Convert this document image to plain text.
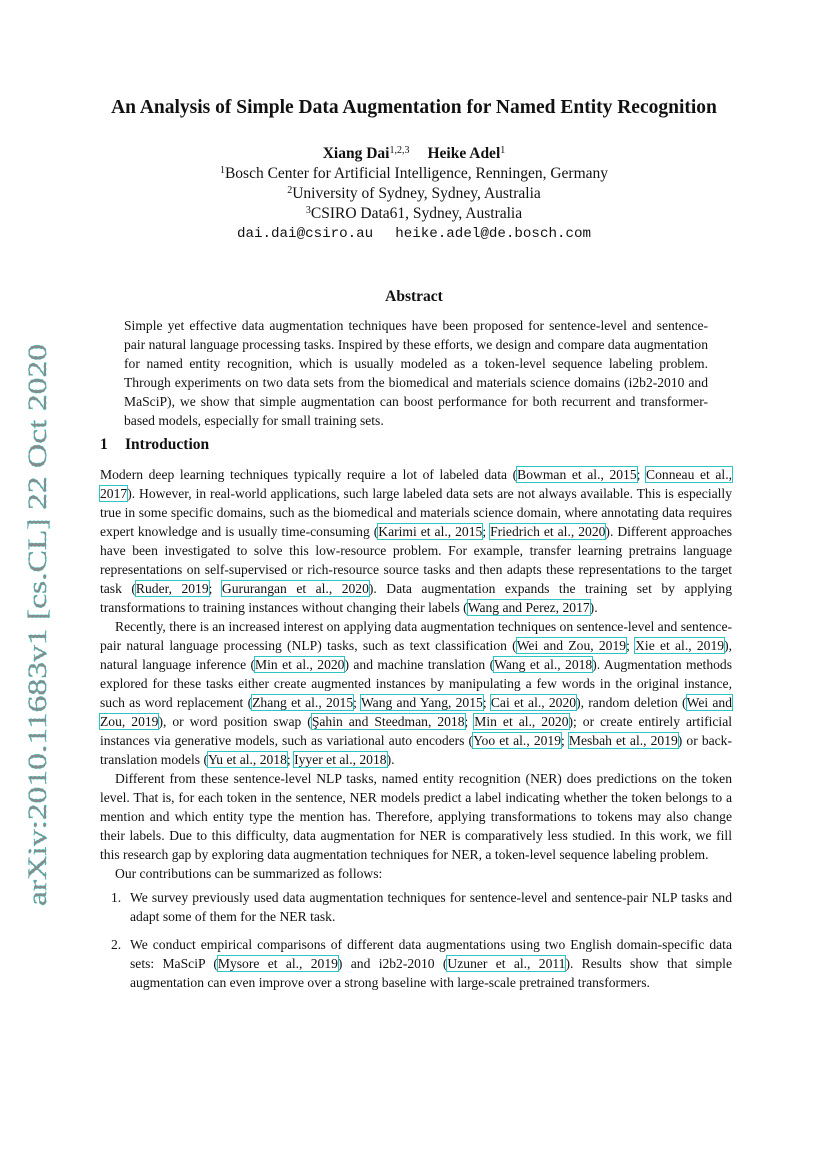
arXiv:2010.11683v1 [cs.CL] 22 Oct 2020
An Analysis of Simple Data Augmentation for Named Entity Recognition
Xiang Dai$^{1,2,3}$ Heike Adel$^1$
$^1$Bosch Center for Artificial Intelligence, Renningen, Germany
$^2$University of Sydney, Sydney, Australia
$^3$CSIRO Data61, Sydney, Australia
dai.dai@csiro.au heike.adel@de.bosch.com
Abstract
Simple yet effective data augmentation techniques have been proposed for sentence-level and sentence-pair natural language processing tasks. Inspired by these efforts, we design and compare data augmentation for named entity recognition, which is usually modeled as a token-level sequence labeling problem. Through experiments on two data sets from the biomedical and materials science domains (i2b2-2010 and MaSciP), we show that simple augmentation can boost performance for both recurrent and transformer-based models, especially for small training sets.
1 Introduction

Modern deep learning techniques typically require a lot of labeled data (Bowman et al., 2015; Conneau et al., 2017). However, in real-world applications, such large labeled data sets are not always available. This is especially true in some specific domains, such as the biomedical and materials science domain, where annotating data requires expert knowledge and is usually time-consuming (Karimi et al., 2015; Friedrich et al., 2020). Different approaches have been investigated to solve this low-resource problem. For example, transfer learning pretrains language representations on self-supervised or rich-resource source tasks and then adapts these representations to the target task (Ruder, 2019; Gururangan et al., 2020). Data augmentation expands the training set by applying transformations to training instances without changing their labels (Wang and Perez, 2017).

Recently, there is an increased interest on applying data augmentation techniques on sentence-level and sentence-pair natural language processing (NLP) tasks, such as text classification (Wei and Zou, 2019; Xie et al., 2019), natural language inference (Min et al., 2020) and machine translation (Wang et al., 2018). Augmentation methods explored for these tasks either create augmented instances by manipulating a few words in the original instance, such as word replacement (Zhang et al., 2015; Wang and Yang, 2015; Cai et al., 2020), random deletion (Wei and Zou, 2019), or word position swap (Şahin and Steedman, 2018; Min et al., 2020); or create entirely artificial instances via generative models, such as variational auto encoders (Yoo et al., 2019; Mesbah et al., 2019) or back-translation models (Yu et al., 2018; Iyyer et al., 2018).

Different from these sentence-level NLP tasks, named entity recognition (NER) does predictions on the token level. That is, for each token in the sentence, NER models predict a label indicating whether the token belongs to a mention and which entity type the mention has. Therefore, applying transformations to tokens may also change their labels. Due to this difficulty, data augmentation for NER is comparatively less studied. In this work, we fill this research gap by exploring data augmentation techniques for NER, a token-level sequence labeling problem.

Our contributions can be summarized as follows:

1. We survey previously used data augmentation techniques for sentence-level and sentence-pair NLP tasks and adapt some of them for the NER task.
2. We conduct empirical comparisons of different data augmentations using two English domain-specific data sets: MaSciP (Mysore et al., 2019) and i2b2-2010 (Uzuner et al., 2011). Results show that simple augmentation can even improve over a strong baseline with large-scale pretrained transformers.
